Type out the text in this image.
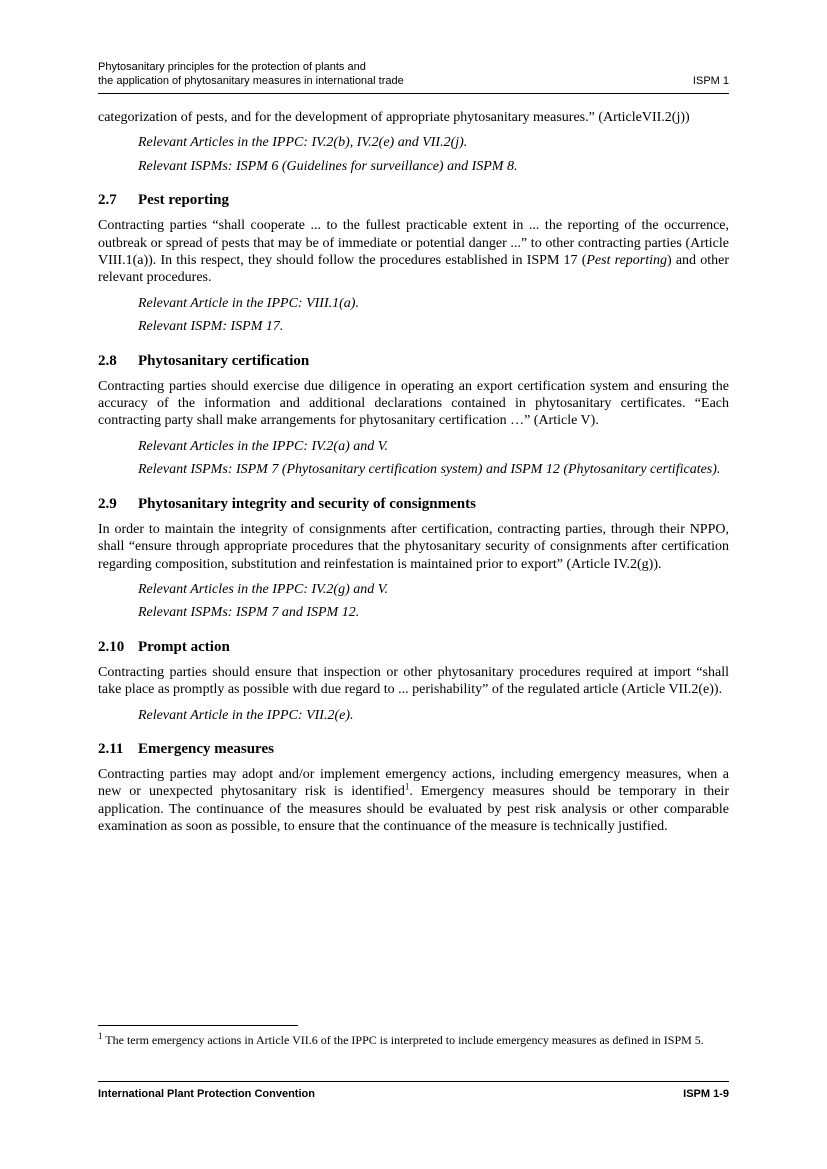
Phytosanitary principles for the protection of plants and
the application of phytosanitary measures in international trade	ISPM 1

categorization of pests, and for the development of appropriate phytosanitary measures.” (ArticleVII.2(j))

Relevant Articles in the IPPC: IV.2(b), IV.2(e) and VII.2(j).

Relevant ISPMs: ISPM 6 (Guidelines for surveillance) and ISPM 8.

2.7 Pest reporting

Contracting parties “shall cooperate ... to the fullest practicable extent in ... the reporting of the occurrence, outbreak or spread of pests that may be of immediate or potential danger ...” to other contracting parties (Article VIII.1(a)). In this respect, they should follow the procedures established in ISPM 17 (Pest reporting) and other relevant procedures.

Relevant Article in the IPPC: VIII.1(a).

Relevant ISPM: ISPM 17.

2.8 Phytosanitary certification

Contracting parties should exercise due diligence in operating an export certification system and ensuring the accuracy of the information and additional declarations contained in phytosanitary certificates. “Each contracting party shall make arrangements for phytosanitary certification …” (Article V).

Relevant Articles in the IPPC: IV.2(a) and V.

Relevant ISPMs: ISPM 7 (Phytosanitary certification system) and ISPM 12 (Phytosanitary certificates).

2.9 Phytosanitary integrity and security of consignments

In order to maintain the integrity of consignments after certification, contracting parties, through their NPPO, shall “ensure through appropriate procedures that the phytosanitary security of consignments after certification regarding composition, substitution and reinfestation is maintained prior to export” (Article IV.2(g)).

Relevant Articles in the IPPC: IV.2(g) and V.

Relevant ISPMs: ISPM 7 and ISPM 12.

2.10 Prompt action

Contracting parties should ensure that inspection or other phytosanitary procedures required at import “shall take place as promptly as possible with due regard to ... perishability” of the regulated article (Article VII.2(e)).

Relevant Article in the IPPC: VII.2(e).

2.11 Emergency measures

Contracting parties may adopt and/or implement emergency actions, including emergency measures, when a new or unexpected phytosanitary risk is identified$^1$. Emergency measures should be temporary in their application. The continuance of the measures should be evaluated by pest risk analysis or other comparable examination as soon as possible, to ensure that the continuance of the measure is technically justified.

$^1$ The term emergency actions in Article VII.6 of the IPPC is interpreted to include emergency measures as defined in ISPM 5.
International Plant Protection Convention	ISPM 1-9
